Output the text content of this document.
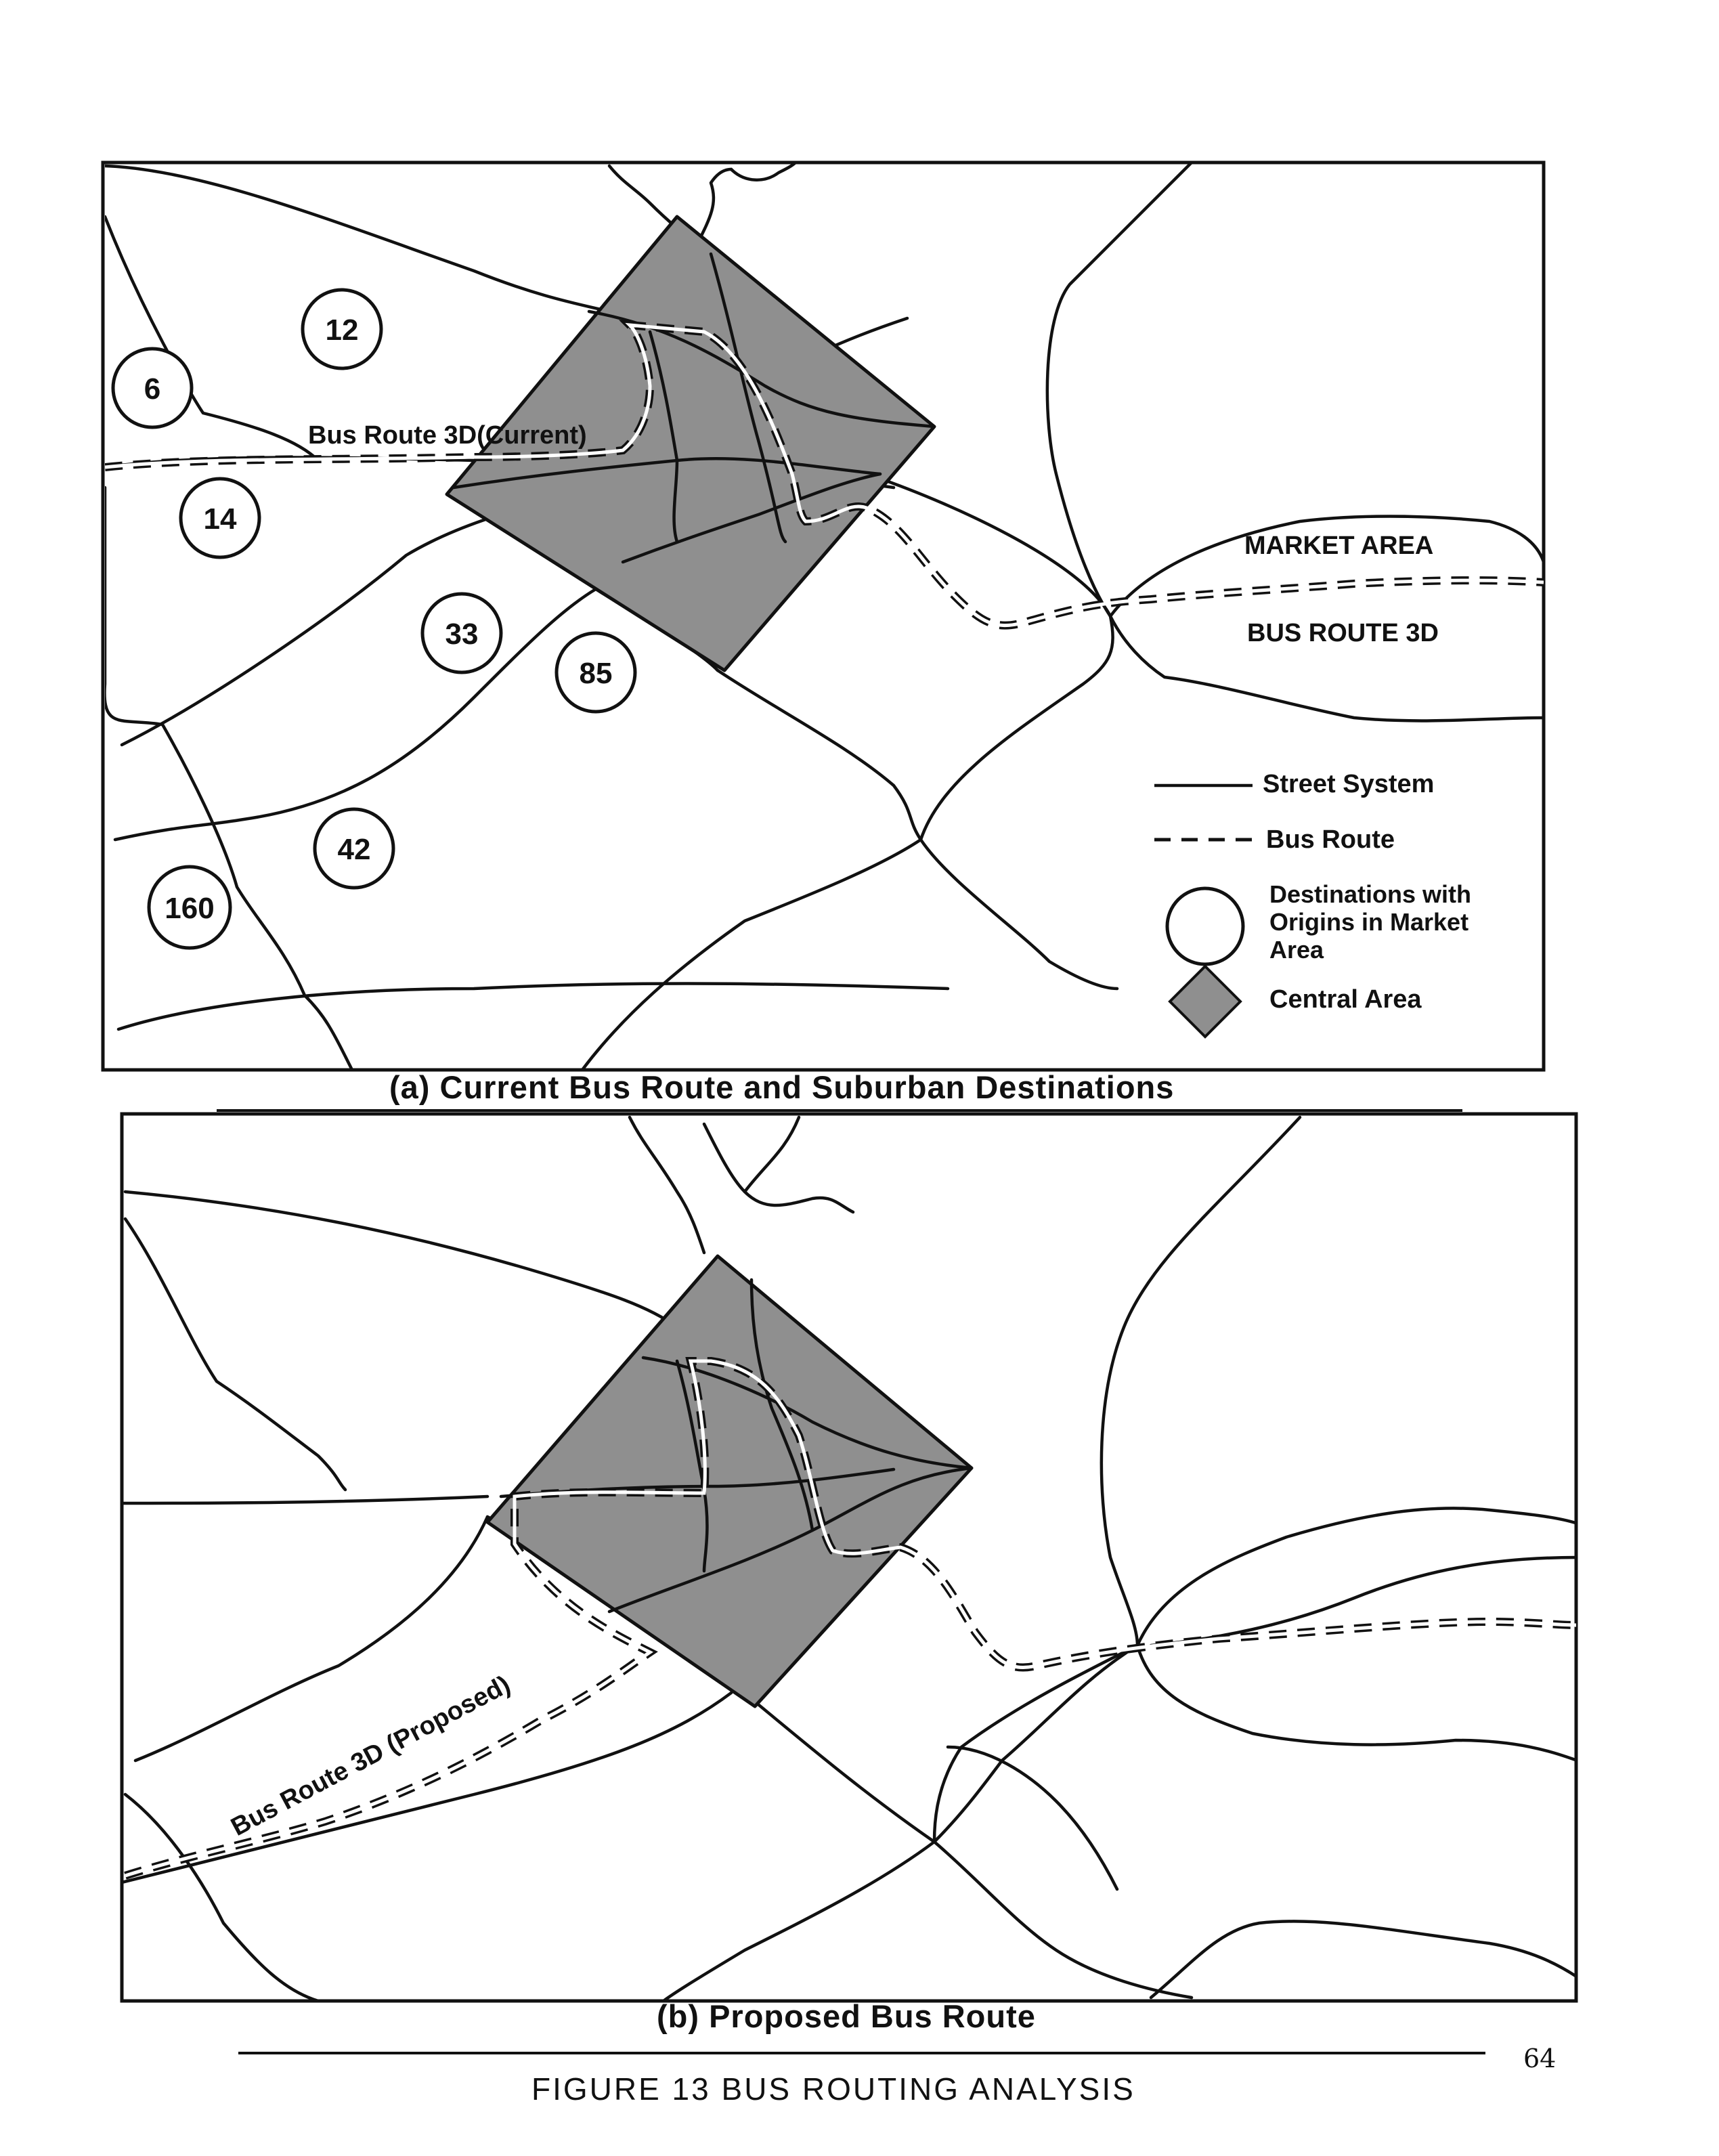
12
6
14
33
85
42
160
Bus Route 3D(Current)
MARKET AREA
BUS ROUTE 3D
Street System
Bus Route
Destinations with
Origins in Market
Area
Central Area
(a) Current Bus Route and Suburban Destinations
Bus Route 3D (Proposed)
(b) Proposed Bus Route
FIGURE 13 BUS ROUTING ANALYSIS
64
